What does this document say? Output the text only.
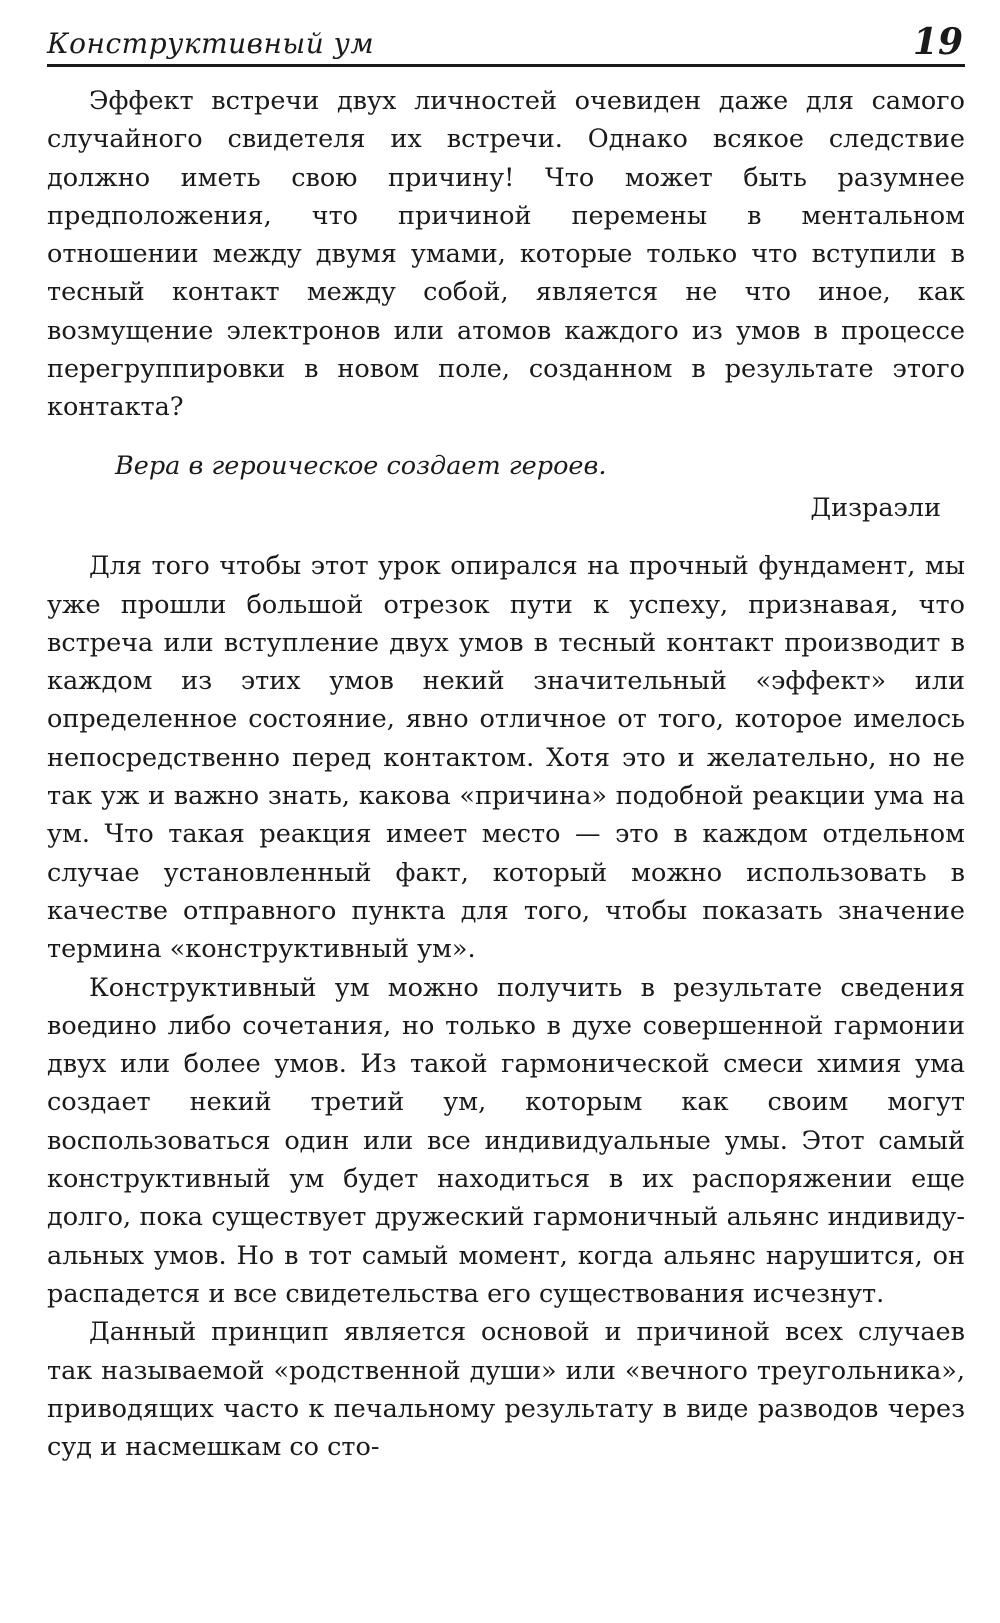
Конструктивный ум	19

Эффект встречи двух личностей очевиден даже для самого случайного свидетеля их встречи. Однако всякое следствие должно иметь свою причину! Что может быть разумнее предположения, что причиной перемены в ментальном отношении между двумя умами, которые только что вступили в тесный контакт между собой, является не что иное, как возмущение электронов или атомов каждого из умов в процессе перегруппировки в новом поле, созданном в результате этого контакта?

Вера в героическое создает героев.
Дизраэли

Для того чтобы этот урок опирался на прочный фундамент, мы уже прошли большой отрезок пути к успеху, признавая, что встреча или вступление двух умов в тесный контакт производит в каждом из этих умов некий значительный «эффект» или определенное состояние, явно отличное от того, которое имелось непосредственно перед контактом. Хотя это и желательно, но не так уж и важно знать, какова «причина» подобной реакции ума на ум. Что такая реакция имеет место — это в каждом отдельном случае установленный факт, который можно использовать в качестве отправного пункта для того, чтобы показать значение термина «конструктивный ум».

Конструктивный ум можно получить в результате сведения воедино либо сочетания, но только в духе совершенной гармонии двух или более умов. Из такой гармонической смеси химия ума создает некий третий ум, которым как своим могут воспользоваться один или все индивидуальные умы. Этот самый конструктивный ум будет находиться в их распоряжении еще долго, пока существует дружеский гармоничный альянс индивидуальных умов. Но в тот самый момент, когда альянс нарушится, он распадется и все свидетельства его существования исчезнут.

Данный принцип является основой и причиной всех случаев так называемой «родственной души» или «вечного треугольника», приводящих часто к печальному результату в виде разводов через суд и насмешкам со сто-
